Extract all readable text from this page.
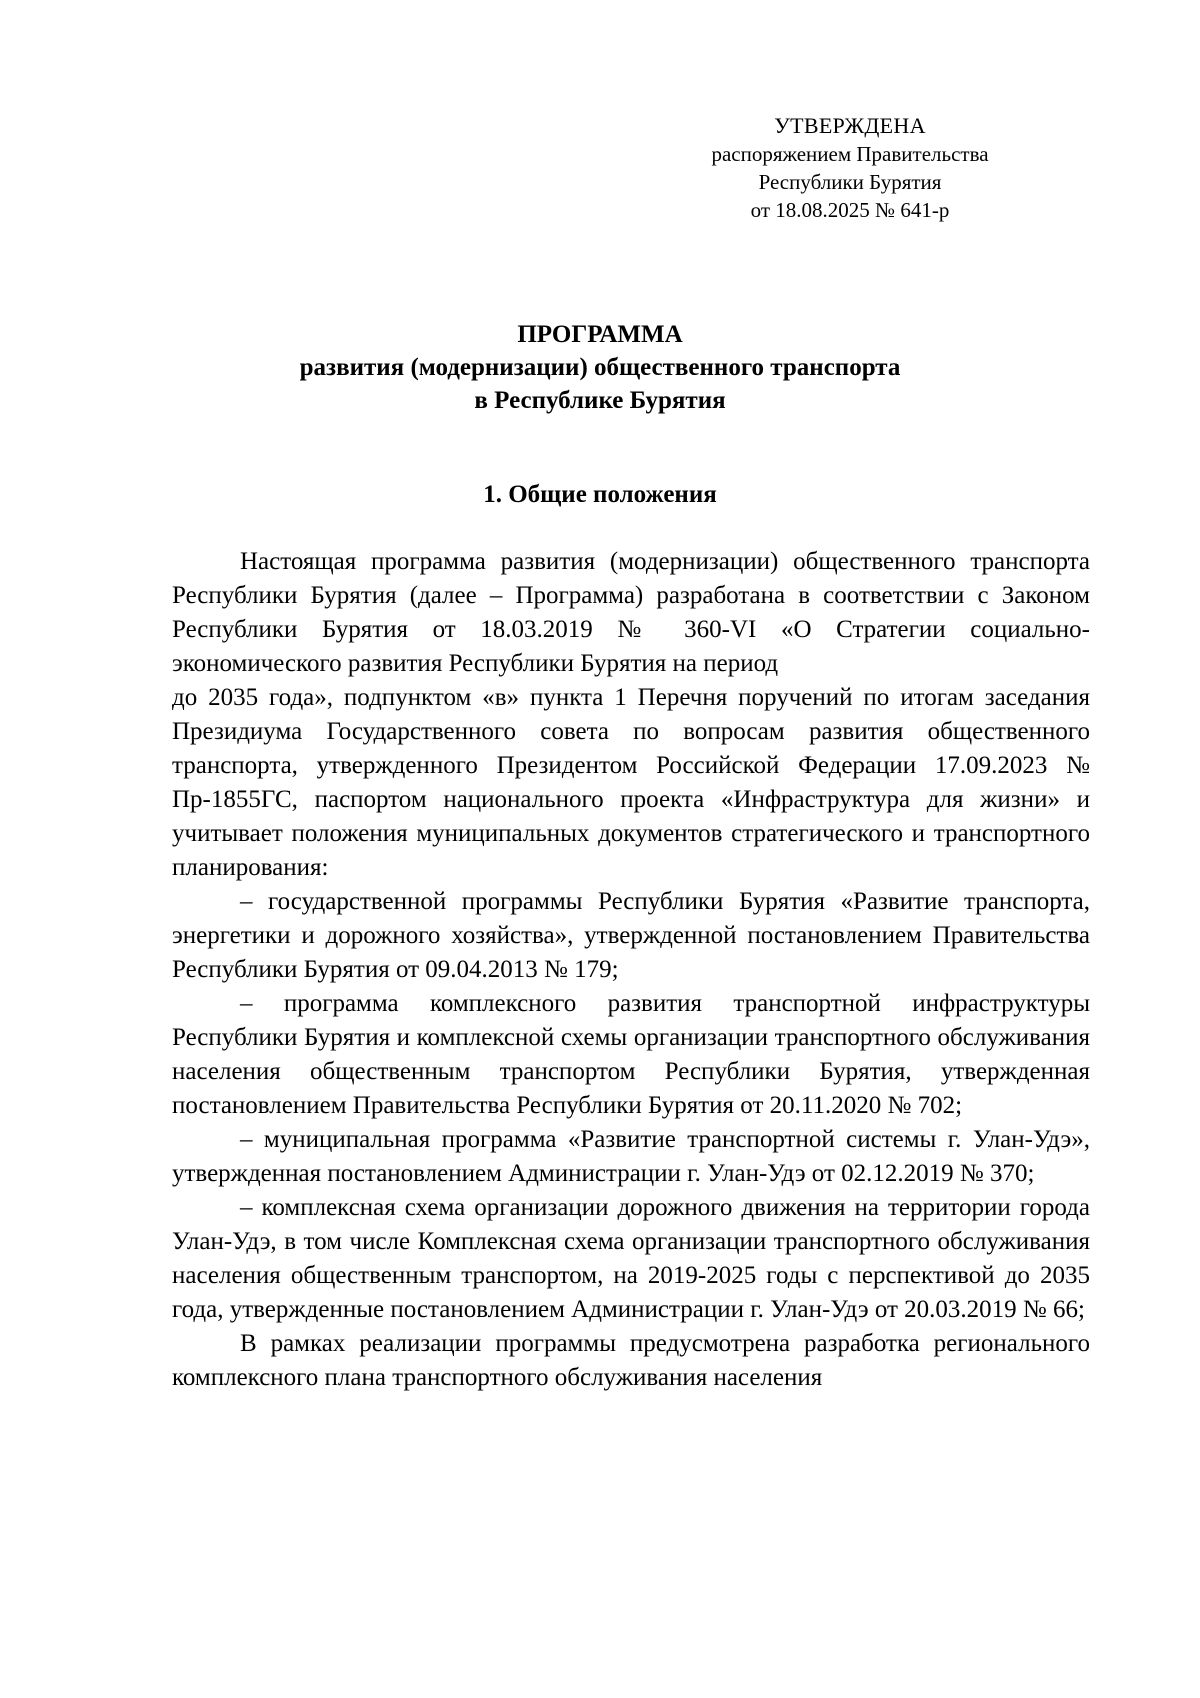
УТВЕРЖДЕНА
распоряжением Правительства
Республики Бурятия
от 18.08.2025 № 641-р
ПРОГРАММА
развития (модернизации) общественного транспорта
в Республике Бурятия
1. Общие положения

Настоящая программа развития (модернизации) общественного транспорта Республики Бурятия (далее – Программа) разработана в соответствии с Законом Республики Бурятия от 18.03.2019 № 360-VI «О Стратегии социально-экономического развития Республики Бурятия на период

до 2035 года», подпунктом «в» пункта 1 Перечня поручений по итогам заседания Президиума Государственного совета по вопросам развития общественного транспорта, утвержденного Президентом Российской Федерации 17.09.2023 № Пр-1855ГС, паспортом национального проекта «Инфраструктура для жизни» и учитывает положения муниципальных документов стратегического и транспортного планирования:

– государственной программы Республики Бурятия «Развитие транспорта, энергетики и дорожного хозяйства», утвержденной постановлением Правительства Республики Бурятия от 09.04.2013 № 179;

– программа комплексного развития транспортной инфраструктуры Республики Бурятия и комплексной схемы организации транспортного обслуживания населения общественным транспортом Республики Бурятия, утвержденная постановлением Правительства Республики Бурятия от 20.11.2020 № 702;

– муниципальная программа «Развитие транспортной системы г. Улан-Удэ», утвержденная постановлением Администрации г. Улан-Удэ от 02.12.2019 № 370;

– комплексная схема организации дорожного движения на территории города Улан-Удэ, в том числе Комплексная схема организации транспортного обслуживания населения общественным транспортом, на 2019-2025 годы с перспективой до 2035 года, утвержденные постановлением Администрации г. Улан-Удэ от 20.03.2019 № 66;

В рамках реализации программы предусмотрена разработка регионального комплексного плана транспортного обслуживания населения
